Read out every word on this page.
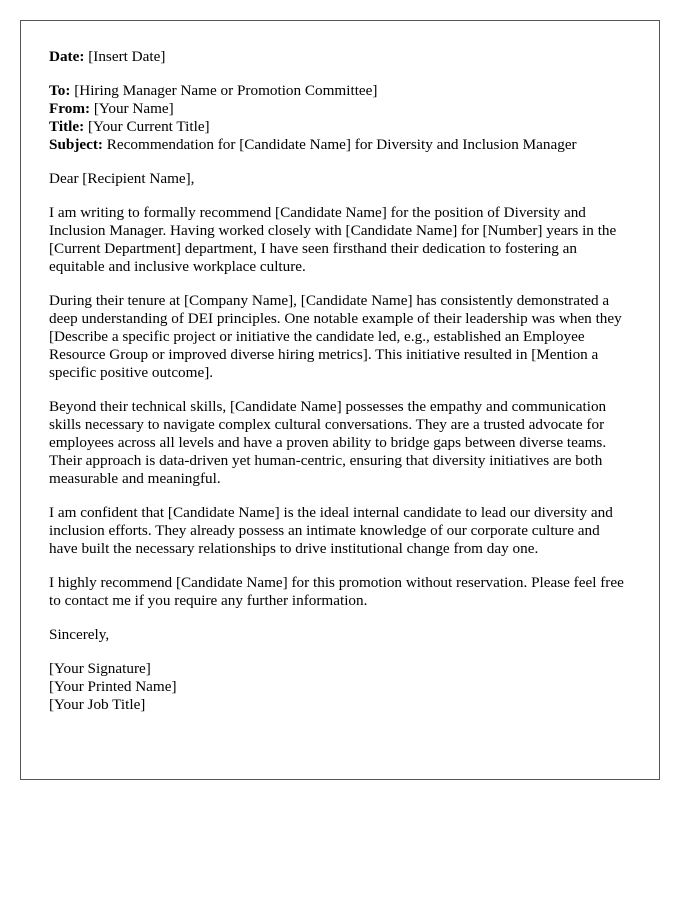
Date: [Insert Date]
To: [Hiring Manager Name or Promotion Committee]
From: [Your Name]
Title: [Your Current Title]
Subject: Recommendation for [Candidate Name] for Diversity and Inclusion Manager

Dear [Recipient Name],

I am writing to formally recommend [Candidate Name] for the position of Diversity and Inclusion Manager. Having worked closely with [Candidate Name] for [Number] years in the [Current Department] department, I have seen firsthand their dedication to fostering an equitable and inclusive workplace culture.

During their tenure at [Company Name], [Candidate Name] has consistently demonstrated a deep understanding of DEI principles. One notable example of their leadership was when they [Describe a specific project or initiative the candidate led, e.g., established an Employee Resource Group or improved diverse hiring metrics]. This initiative resulted in [Mention a specific positive outcome].

Beyond their technical skills, [Candidate Name] possesses the empathy and communication skills necessary to navigate complex cultural conversations. They are a trusted advocate for employees across all levels and have a proven ability to bridge gaps between diverse teams. Their approach is data-driven yet human-centric, ensuring that diversity initiatives are both measurable and meaningful.

I am confident that [Candidate Name] is the ideal internal candidate to lead our diversity and inclusion efforts. They already possess an intimate knowledge of our corporate culture and have built the necessary relationships to drive institutional change from day one.

I highly recommend [Candidate Name] for this promotion without reservation. Please feel free to contact me if you require any further information.

Sincerely,

[Your Signature]
[Your Printed Name]
[Your Job Title]
